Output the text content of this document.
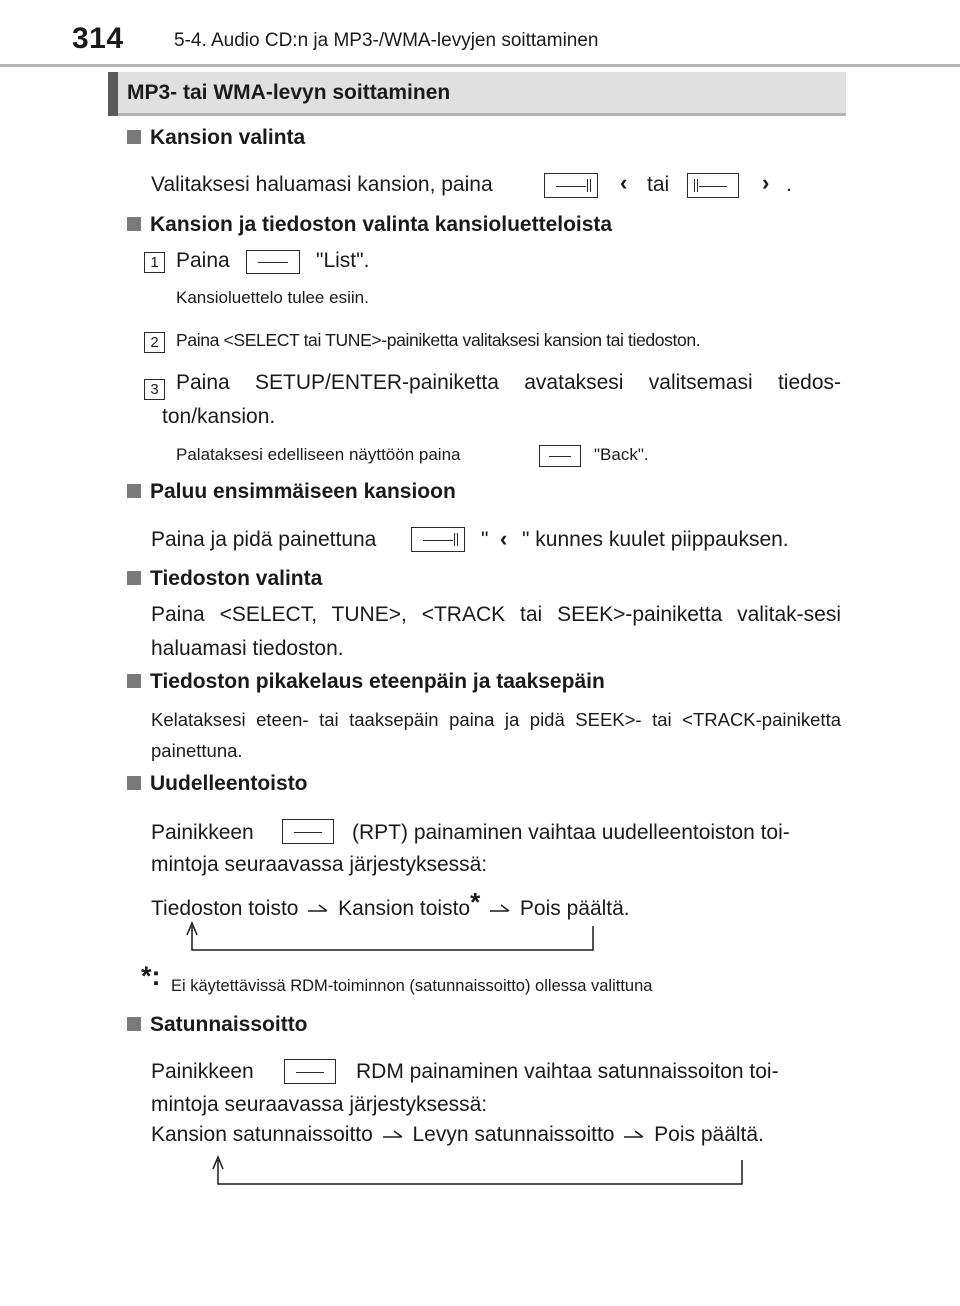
314	5-4. Audio CD:n ja MP3-/WMA-levyjen soittaminen
MP3- tai WMA-levyn soittaminen
Kansion valinta
Valitaksesi haluamasi kansion, paina	‹ tai	› .
Kansion ja tiedoston valinta kansioluetteloista
1 Paina	"List".
Kansioluettelo tulee esiin.
2 Paina <SELECT tai TUNE>-painiketta valitaksesi kansion tai tiedoston.
3 Paina SETUP/ENTER-painiketta avataksesi valitsemasi tiedos-ton/kansion.
Palataksesi edelliseen näyttöön paina	"Back".
Paluu ensimmäiseen kansioon
Paina ja pidä painettuna	" ‹ " kunnes kuulet piippauksen.
Tiedoston valinta
Paina <SELECT, TUNE>, <TRACK tai SEEK>-painiketta valitak-sesi haluamasi tiedoston.
Tiedoston pikakelaus eteenpäin ja taaksepäin
Kelataksesi eteen- tai taaksepäin paina ja pidä SEEK>- tai <TRACK-painiketta painettuna.
Uudelleentoisto
Painikkeen	(RPT) painaminen vaihtaa uudelleentoiston toi-
mintoja seuraavassa järjestyksessä:
Tiedoston toisto Kansion toisto* Pois päältä.
*: Ei käytettävissä RDM-toiminnon (satunnaissoitto) ollessa valittuna
Satunnaissoitto
Painikkeen	RDM painaminen vaihtaa satunnaissoiton toi-
mintoja seuraavassa järjestyksessä:
Kansion satunnaissoitto Levyn satunnaissoitto Pois päältä.
